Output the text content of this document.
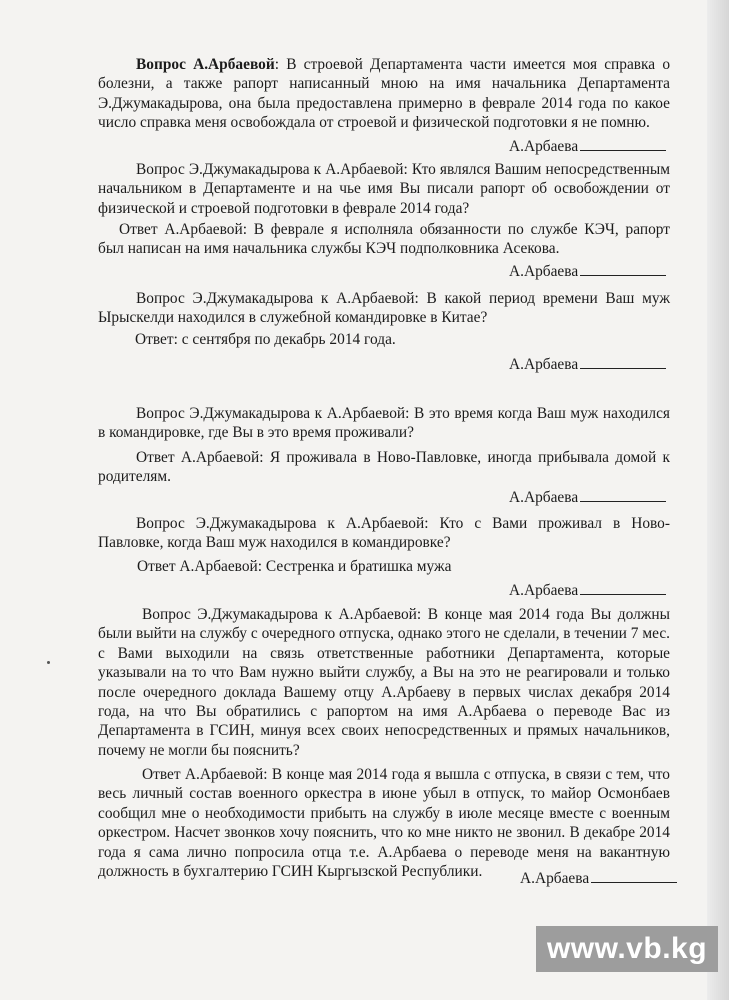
Вопрос А.Арбаевой: В строевой Департамента части имеется моя справка о болезни, а также рапорт написанный мною на имя начальника Департамента Э.Джумакадырова, она была предоставлена примерно в феврале 2014 года по какое число справка меня освобождала от строевой и физической подготовки я не помню.

А.Арбаева

Вопрос Э.Джумакадырова к А.Арбаевой: Кто являлся Вашим непосредственным начальником в Департаменте и на чье имя Вы писали рапорт об освобождении от физической и строевой подготовки в феврале 2014 года?

Ответ А.Арбаевой: В феврале я исполняла обязанности по службе КЭЧ, рапорт был написан на имя начальника службы КЭЧ подполковника Асекова.

А.Арбаева

Вопрос Э.Джумакадырова к А.Арбаевой: В какой период времени Ваш муж Ырыскелди находился в служебной командировке в Китае?

Ответ: с сентября по декабрь 2014 года.

А.Арбаева

Вопрос Э.Джумакадырова к А.Арбаевой: В это время когда Ваш муж находился в командировке, где Вы в это время проживали?

Ответ А.Арбаевой: Я проживала в Ново-Павловке, иногда прибывала домой к родителям.

А.Арбаева

Вопрос Э.Джумакадырова к А.Арбаевой: Кто с Вами проживал в Ново-Павловке, когда Ваш муж находился в командировке?

Ответ А.Арбаевой: Сестренка и братишка мужа

А.Арбаева

Вопрос Э.Джумакадырова к А.Арбаевой: В конце мая 2014 года Вы должны были выйти на службу с очередного отпуска, однако этого не сделали, в течении 7 мес. с Вами выходили на связь ответственные работники Департамента, которые указывали на то что Вам нужно выйти службу, а Вы на это не реагировали и только после очередного доклада Вашему отцу А.Арбаеву в первых числах декабря 2014 года, на что Вы обратились с рапортом на имя А.Арбаева о переводе Вас из Департамента в ГСИН, минуя всех своих непосредственных и прямых начальников, почему не могли бы пояснить?

Ответ А.Арбаевой: В конце мая 2014 года я вышла с отпуска, в связи с тем, что весь личный состав военного оркестра в июне убыл в отпуск, то майор Осмонбаев сообщил мне о необходимости прибыть на службу в июле месяце вместе с военным оркестром. Насчет звонков хочу пояснить, что ко мне никто не звонил. В декабре 2014 года я сама лично попросила отца т.е. А.Арбаева о переводе меня на вакантную должность в бухгалтерию ГСИН Кыргызской Республики.	А.Арбаева
www.vb.kg
